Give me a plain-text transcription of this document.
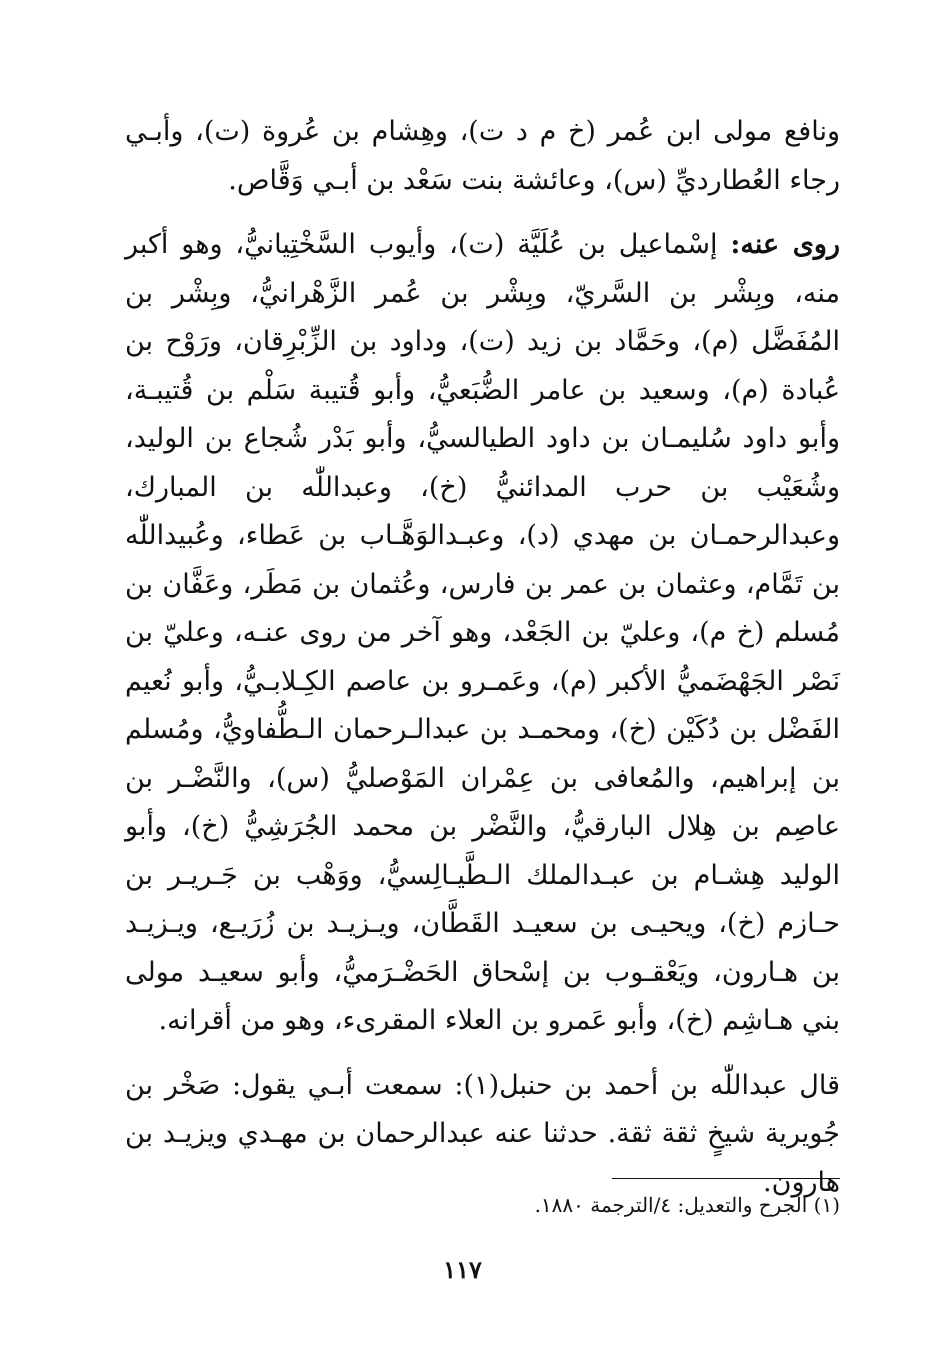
ونافع مولى ابن عُمر (خ م د ت)، وهِشام بن عُروة (ت)، وأبـي رجاء العُطارديِّ (س)، وعائشة بنت سَعْد بن أبـي وَقَّاص.

روى عنه: إسْماعيل بن عُلَيَّة (ت)، وأيوب السَّخْتِيانيُّ، وهو أكبر منه، وبِشْر بن السَّريّ، وبِشْر بن عُمر الزَّهْرانيُّ، وبِشْر بن المُفَضَّل (م)، وحَمَّاد بن زيد (ت)، وداود بن الزِّبْرِقان، ورَوْح بن عُبادة (م)، وسعيد بن عامر الضُّبَعيُّ، وأبو قُتيبة سَلْم بن قُتيبـة، وأبو داود سُليمـان بن داود الطيالسيُّ، وأبو بَدْر شُجاع بن الوليد، وشُعَيْب بن حرب المدائنيُّ (خ)، وعبداللّٰه بن المبارك، وعبدالرحمـان بن مهدي (د)، وعبـدالوَهَّـاب بن عَطاء، وعُبيداللّٰه بن تَمَّام، وعثمان بن عمر بن فارس، وعُثمان بن مَطَر، وعَفَّان بن مُسلم (خ م)، وعليّ بن الجَعْد، وهو آخر من روى عنـه، وعليّ بن نَصْر الجَهْضَميُّ الأكبر (م)، وعَمـرو بن عاصم الكِـلابـيُّ، وأبو نُعيم الفَضْل بن دُكَيْن (خ)، ومحمـد بن عبدالـرحمان الـطُّفاويُّ، ومُسلم بن إبراهيم، والمُعافى بن عِمْران المَوْصليُّ (س)، والنَّضْـر بن عاصِم بن هِلال البارقيُّ، والنَّضْر بن محمد الجُرَشِيُّ (خ)، وأبو الوليد هِشـام بن عبـدالملك الـطَّيـالِسيُّ، ووَهْب بن جَـريـر بن حـازم (خ)، ويحيـى بن سعيـد القَطَّان، ويـزيـد بن زُرَيـع، ويـزيـد بن هـارون، ويَعْقـوب بن إسْحاق الحَضْـرَميُّ، وأبو سعيـد مولى بني هـاشِم (خ)، وأبو عَمرو بن العلاء المقرىء، وهو من أقرانه.

قال عبداللّٰه بن أحمد بن حنبل(١): سمعت أبـي يقول: صَخْر بن جُويرية شيخٍ ثقة ثقة. حدثنا عنه عبدالرحمان بن مهـدي ويزيـد بن هارون.

(١) الجرح والتعديل: ٤/الترجمة ١٨٨٠.
١١٧
